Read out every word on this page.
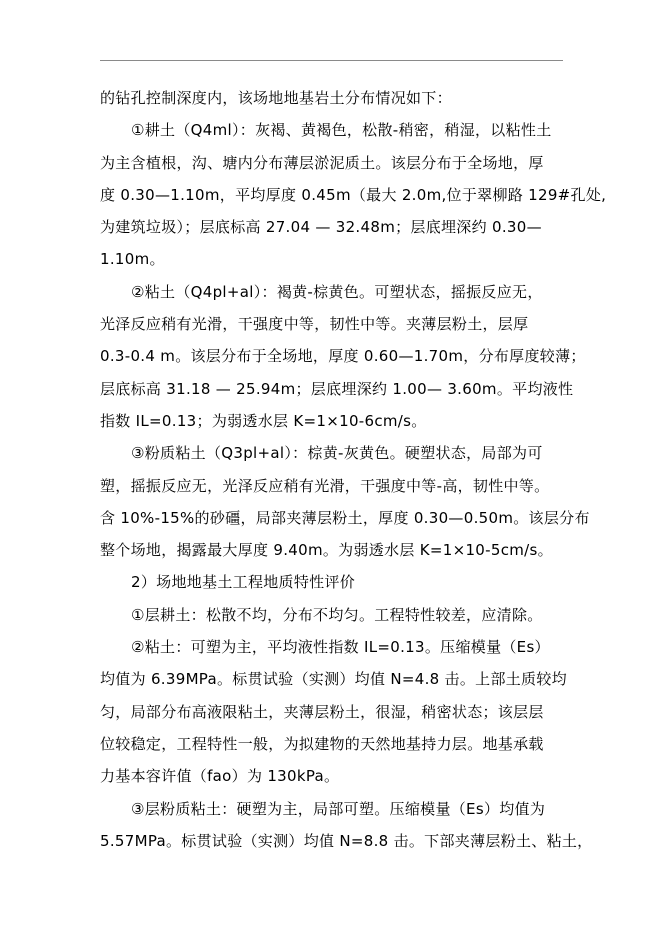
的钻孔控制深度内，该场地地基岩土分布情况如下：
①耕土（Q4ml）：灰褐、黄褐色，松散-稍密，稍湿，以粘性土
为主含植根，沟、塘内分布薄层淤泥质土。该层分布于全场地，厚
度 0.30—1.10m，平均厚度 0.45m（最大 2.0m,位于翠柳路 129#孔处,
为建筑垃圾）；层底标高 27.04 — 32.48m；层底埋深约 0.30—
1.10m。
②粘土（Q4pl+al）：褐黄-棕黄色。可塑状态，摇振反应无，
光泽反应稍有光滑，干强度中等，韧性中等。夹薄层粉土，层厚
0.3-0.4 m。该层分布于全场地，厚度 0.60—1.70m，分布厚度较薄；
层底标高 31.18 — 25.94m；层底埋深约 1.00— 3.60m。平均液性
指数 IL=0.13；为弱透水层 K=1×10-6cm/s。
③粉质粘土（Q3pl+al）：棕黄-灰黄色。硬塑状态，局部为可
塑，摇振反应无，光泽反应稍有光滑，干强度中等-高，韧性中等。
含 10%-15%的砂礓，局部夹薄层粉土，厚度 0.30—0.50m。该层分布
整个场地，揭露最大厚度 9.40m。为弱透水层 K=1×10-5cm/s。
2）场地地基土工程地质特性评价
①层耕土：松散不均，分布不均匀。工程特性较差，应清除。
②粘土：可塑为主，平均液性指数 IL=0.13。压缩模量（Es）
均值为 6.39MPa。标贯试验（实测）均值 N=4.8 击。上部土质较均
匀，局部分布高液限粘土，夹薄层粉土，很湿，稍密状态；该层层
位较稳定，工程特性一般，为拟建物的天然地基持力层。地基承载
力基本容许值（fao）为 130kPa。
③层粉质粘土：硬塑为主，局部可塑。压缩模量（Es）均值为
5.57MPa。标贯试验（实测）均值 N=8.8 击。下部夹薄层粉土、粘土，
